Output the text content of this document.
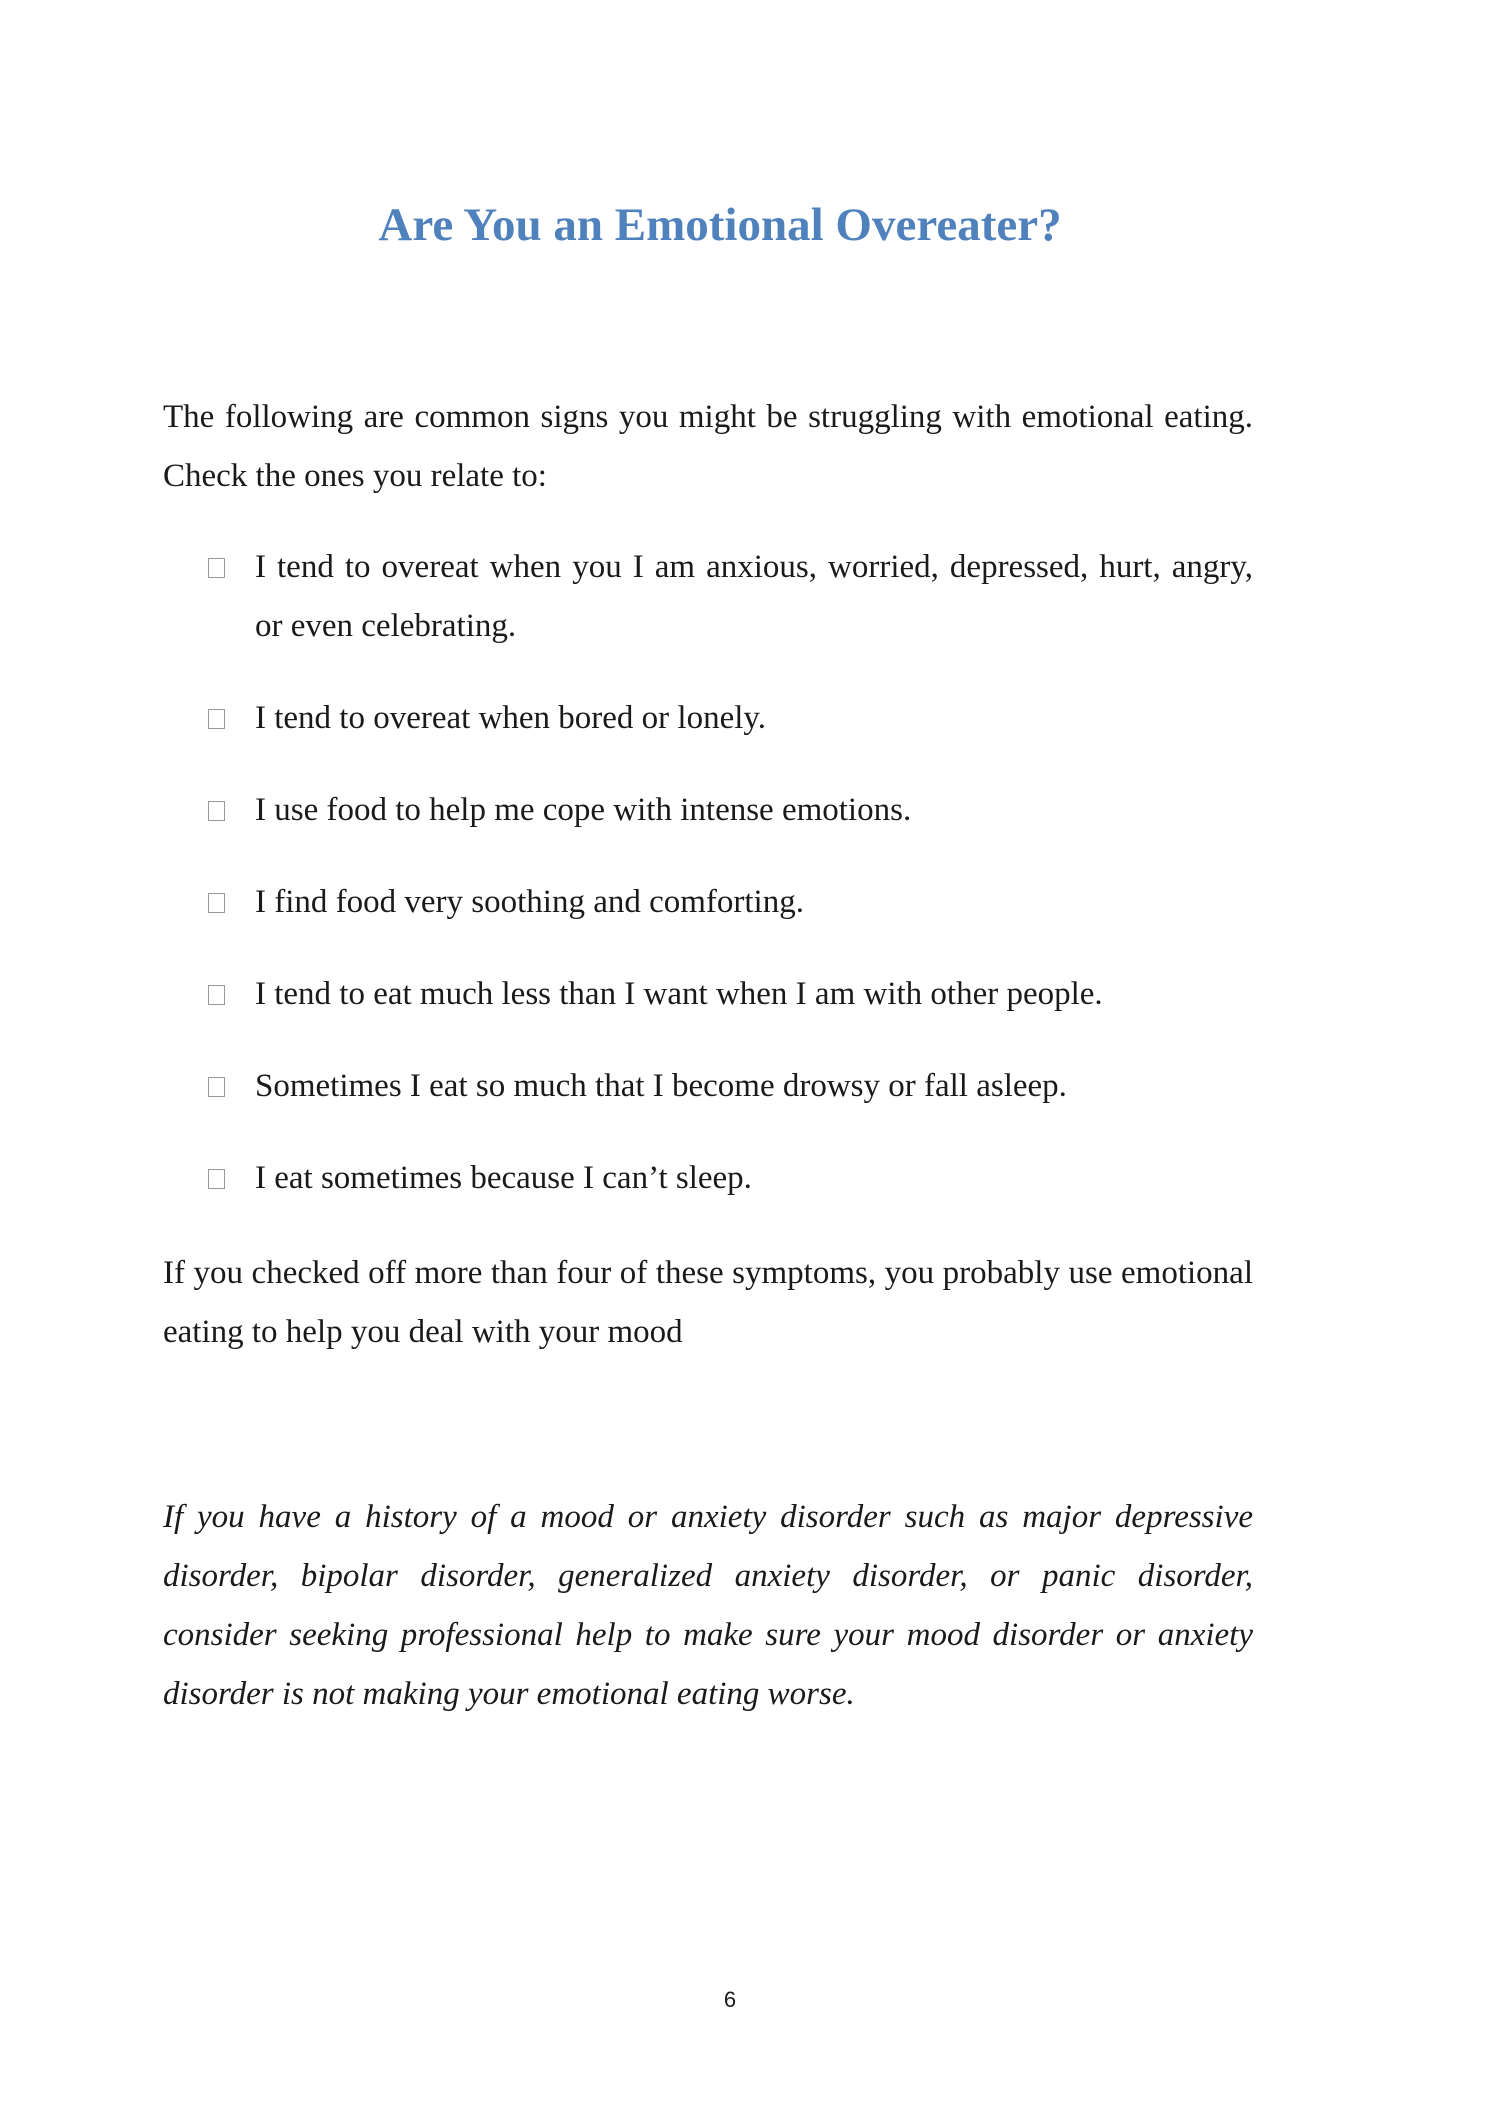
Are You an Emotional Overeater?

The following are common signs you might be struggling with emotional eating. Check the ones you relate to:

I tend to overeat when you I am anxious, worried, depressed, hurt, angry, or even celebrating.
I tend to overeat when bored or lonely.
I use food to help me cope with intense emotions.
I find food very soothing and comforting.
I tend to eat much less than I want when I am with other people.
Sometimes I eat so much that I become drowsy or fall asleep.
I eat sometimes because I can’t sleep.

If you checked off more than four of these symptoms, you probably use emotional eating to help you deal with your mood

If you have a history of a mood or anxiety disorder such as major depressive disorder, bipolar disorder, generalized anxiety disorder, or panic disorder, consider seeking professional help to make sure your mood disorder or anxiety disorder is not making your emotional eating worse.

6
